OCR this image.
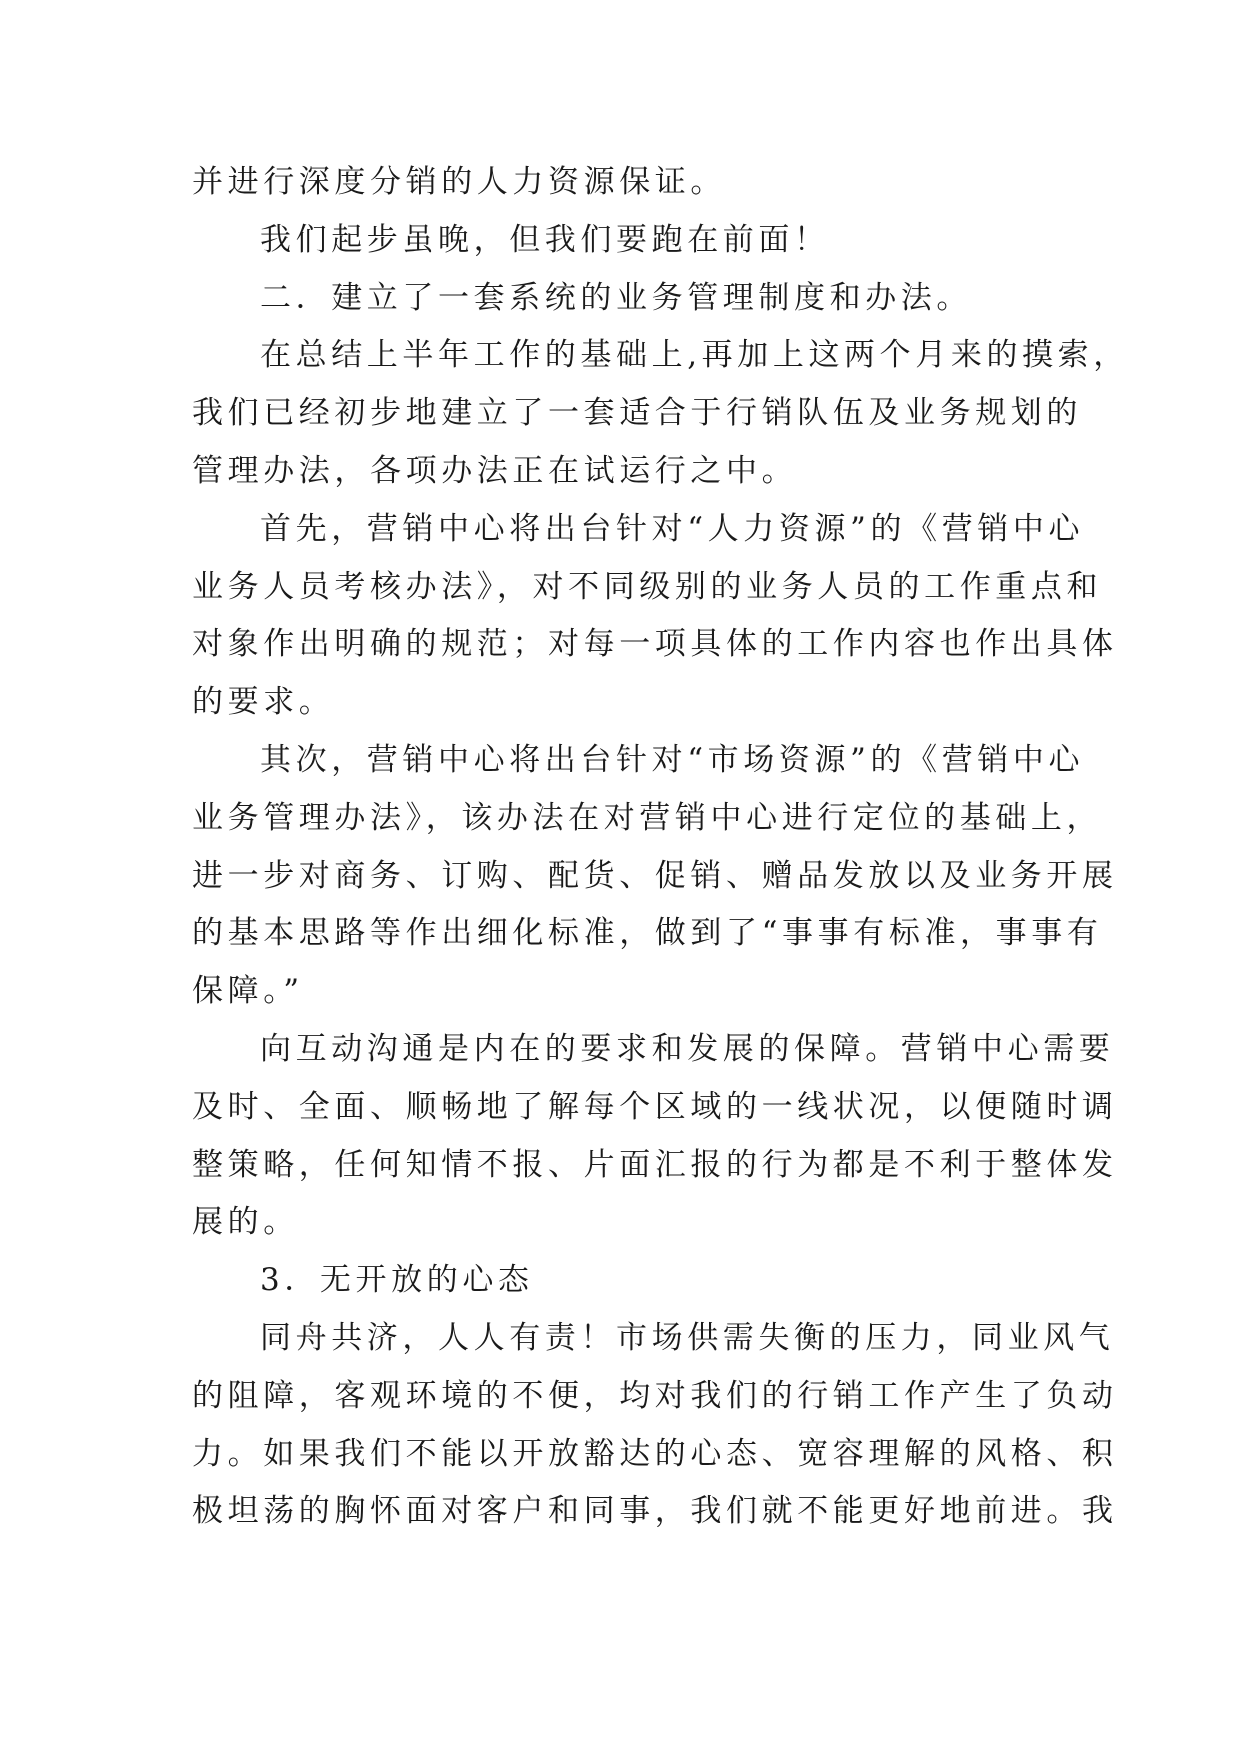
并进行深度分销的人力资源保证。
我们起步虽晚，但我们要跑在前面！
二．建立了一套系统的业务管理制度和办法。
在总结上半年工作的基础上,再加上这两个月来的摸索，
我们已经初步地建立了一套适合于行销队伍及业务规划的
管理办法，各项办法正在试运行之中。
首先，营销中心将出台针对“人力资源”的《营销中心
业务人员考核办法》，对不同级别的业务人员的工作重点和
对象作出明确的规范；对每一项具体的工作内容也作出具体
的要求。
其次，营销中心将出台针对“市场资源”的《营销中心
业务管理办法》，该办法在对营销中心进行定位的基础上，
进一步对商务、订购、配货、促销、赠品发放以及业务开展
的基本思路等作出细化标准，做到了“事事有标准，事事有
保障。”
向互动沟通是内在的要求和发展的保障。营销中心需要
及时、全面、顺畅地了解每个区域的一线状况，以便随时调
整策略，任何知情不报、片面汇报的行为都是不利于整体发
展的。
3．无开放的心态
同舟共济，人人有责！市场供需失衡的压力，同业风气
的阻障，客观环境的不便，均对我们的行销工作产生了负动
力。如果我们不能以开放豁达的心态、宽容理解的风格、积
极坦荡的胸怀面对客户和同事，我们就不能更好地前进。我
